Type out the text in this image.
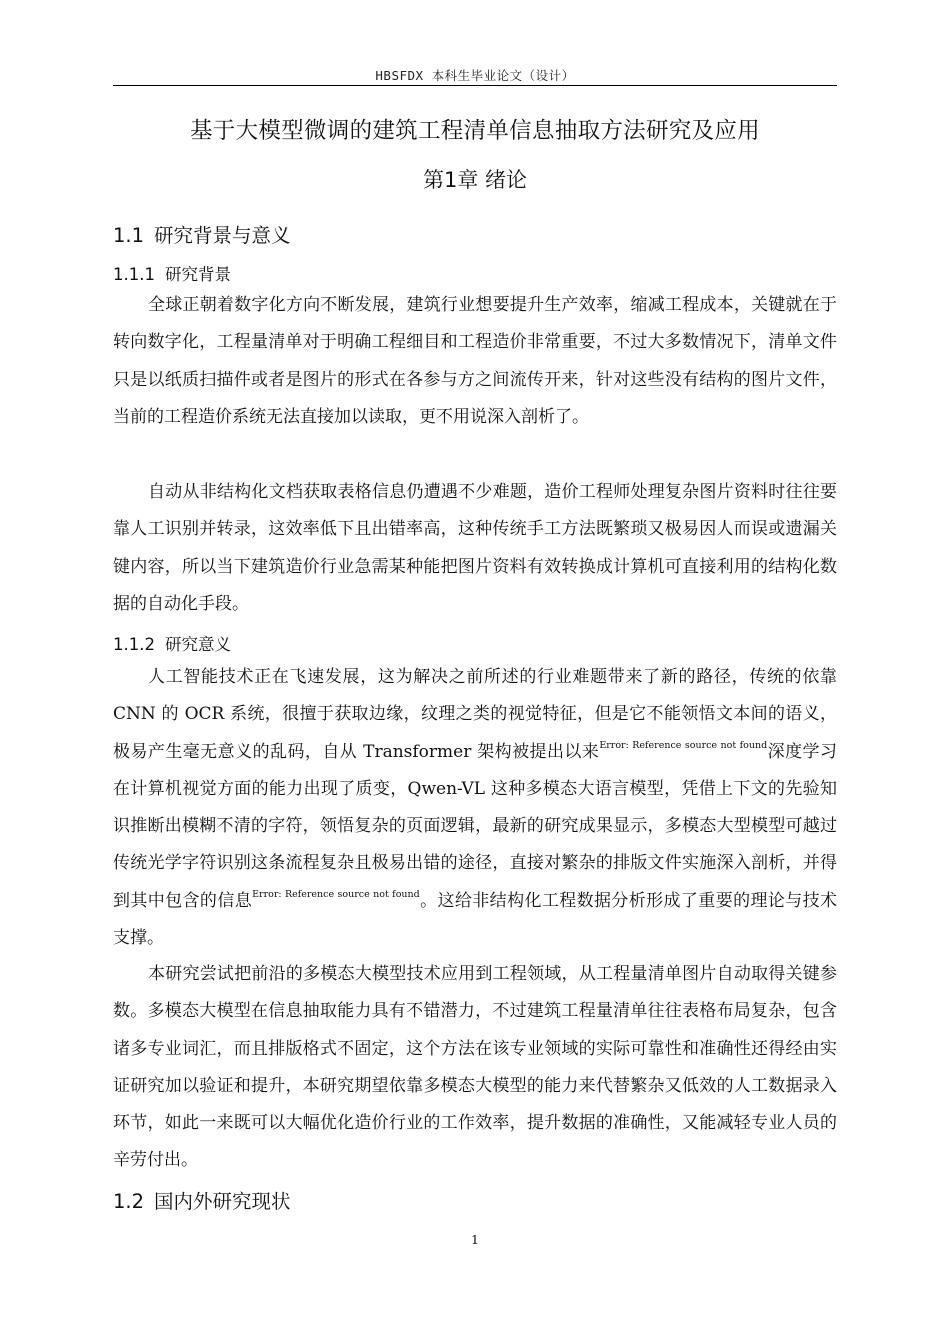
HBSFDX 本科生毕业论文（设计）
基于大模型微调的建筑工程清单信息抽取方法研究及应用
第1章 绪论
1.1 研究背景与意义
1.1.1 研究背景

全球正朝着数字化方向不断发展，建筑行业想要提升生产效率，缩减工程成本，关键就在于转向数字化，工程量清单对于明确工程细目和工程造价非常重要，不过大多数情况下，清单文件只是以纸质扫描件或者是图片的形式在各参与方之间流传开来，针对这些没有结构的图片文件，当前的工程造价系统无法直接加以读取，更不用说深入剖析了。

自动从非结构化文档获取表格信息仍遭遇不少难题，造价工程师处理复杂图片资料时往往要靠人工识别并转录，这效率低下且出错率高，这种传统手工方法既繁琐又极易因人而误或遗漏关键内容，所以当下建筑造价行业急需某种能把图片资料有效转换成计算机可直接利用的结构化数据的自动化手段。

1.1.2 研究意义

人工智能技术正在飞速发展，这为解决之前所述的行业难题带来了新的路径，传统的依靠 CNN 的 OCR 系统，很擅于获取边缘，纹理之类的视觉特征，但是它不能领悟文本间的语义，极易产生毫无意义的乱码，自从 Transformer 架构被提出以来$^{Error: Reference source not found}$深度学习在计算机视觉方面的能力出现了质变，Qwen-VL 这种多模态大语言模型，凭借上下文的先验知识推断出模糊不清的字符，领悟复杂的页面逻辑，最新的研究成果显示，多模态大型模型可越过传统光学字符识别这条流程复杂且极易出错的途径，直接对繁杂的排版文件实施深入剖析，并得到其中包含的信息$^{Error: Reference source not found}$。这给非结构化工程数据分析形成了重要的理论与技术支撑。

本研究尝试把前沿的多模态大模型技术应用到工程领域，从工程量清单图片自动取得关键参数。多模态大模型在信息抽取能力具有不错潜力，不过建筑工程量清单往往表格布局复杂，包含诸多专业词汇，而且排版格式不固定，这个方法在该专业领域的实际可靠性和准确性还得经由实证研究加以验证和提升，本研究期望依靠多模态大模型的能力来代替繁杂又低效的人工数据录入环节，如此一来既可以大幅优化造价行业的工作效率，提升数据的准确性，又能减轻专业人员的辛劳付出。

1.2 国内外研究现状
1
